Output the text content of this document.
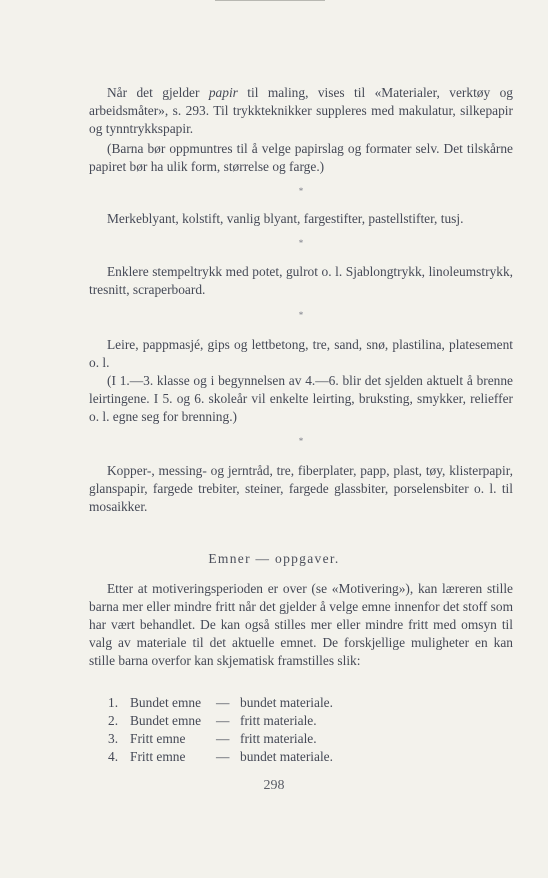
Når det gjelder papir til maling, vises til «Materialer, verktøy og arbeidsmåter», s. 293. Til trykkteknikker suppleres med makulatur, silkepapir og tynntrykkspapir.

(Barna bør oppmuntres til å velge papirslag og formater selv. Det tilskårne papiret bør ha ulik form, størrelse og farge.)

*

Merkeblyant, kolstift, vanlig blyant, fargestifter, pastellstifter, tusj.

*

Enklere stempeltrykk med potet, gulrot o. l. Sjablongtrykk, linoleumstrykk, tresnitt, scraperboard.

*

Leire, pappmasjé, gips og lettbetong, tre, sand, snø, plastilina, platesement o. l.

(I 1.—3. klasse og i begynnelsen av 4.—6. blir det sjelden aktuelt å brenne leirtingene. I 5. og 6. skoleår vil enkelte leirting, bruksting, smykker, relieffer o. l. egne seg for brenning.)

*

Kopper-, messing- og jerntråd, tre, fiberplater, papp, plast, tøy, klisterpapir, glanspapir, fargede trebiter, steiner, fargede glassbiter, porselensbiter o. l. til mosaikker.

Emner — oppgaver.

Etter at motiveringsperioden er over (se «Motivering»), kan læreren stille barna mer eller mindre fritt når det gjelder å velge emne innenfor det stoff som har vært behandlet. De kan også stilles mer eller mindre fritt med omsyn til valg av materiale til det aktuelle emnet. De forskjellige muligheter en kan stille barna overfor kan skjematisk framstilles slik:

1. Bundet emne — bundet materiale.
2. Bundet emne — fritt materiale.
3. Fritt emne — fritt materiale.
4. Fritt emne — bundet materiale.
298
